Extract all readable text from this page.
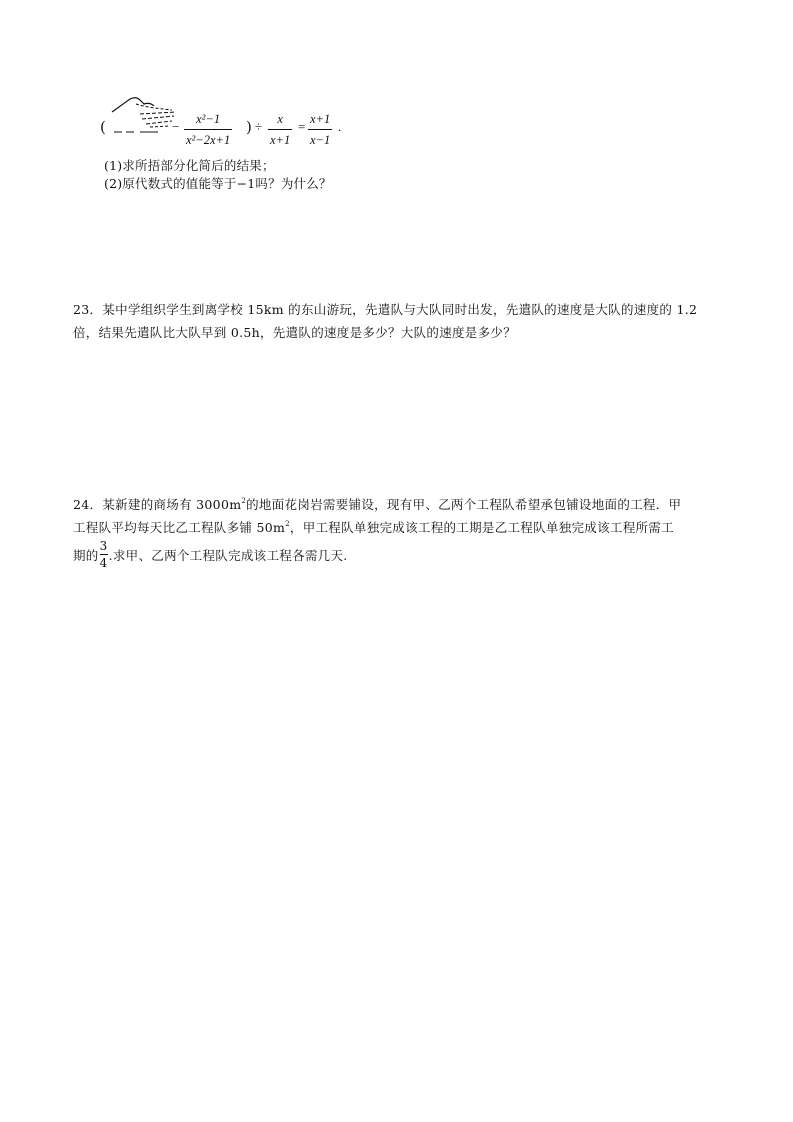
(	− x²−1
x²−2x+1
) ÷ x
x+1
= x+1
x−1
.
(1)求所捂部分化简后的结果；
(2)原代数式的值能等于−1吗？为什么？
23．某中学组织学生到离学校 15km 的东山游玩，先遣队与大队同时出发，先遣队的速度是大队的速度的 1.2
倍，结果先遣队比大队早到 0.5h，先遣队的速度是多少？大队的速度是多少？
24．某新建的商场有 $3000m^2$的地面花岗岩需要铺设，现有甲、乙两个工程队希望承包铺设地面的工程．甲
工程队平均每天比乙工程队多铺 $50m^2$，甲工程队单独完成该工程的工期是乙工程队单独完成该工程所需工
期的 $\frac{3}{4}$ .求甲、乙两个工程队完成该工程各需几天.
